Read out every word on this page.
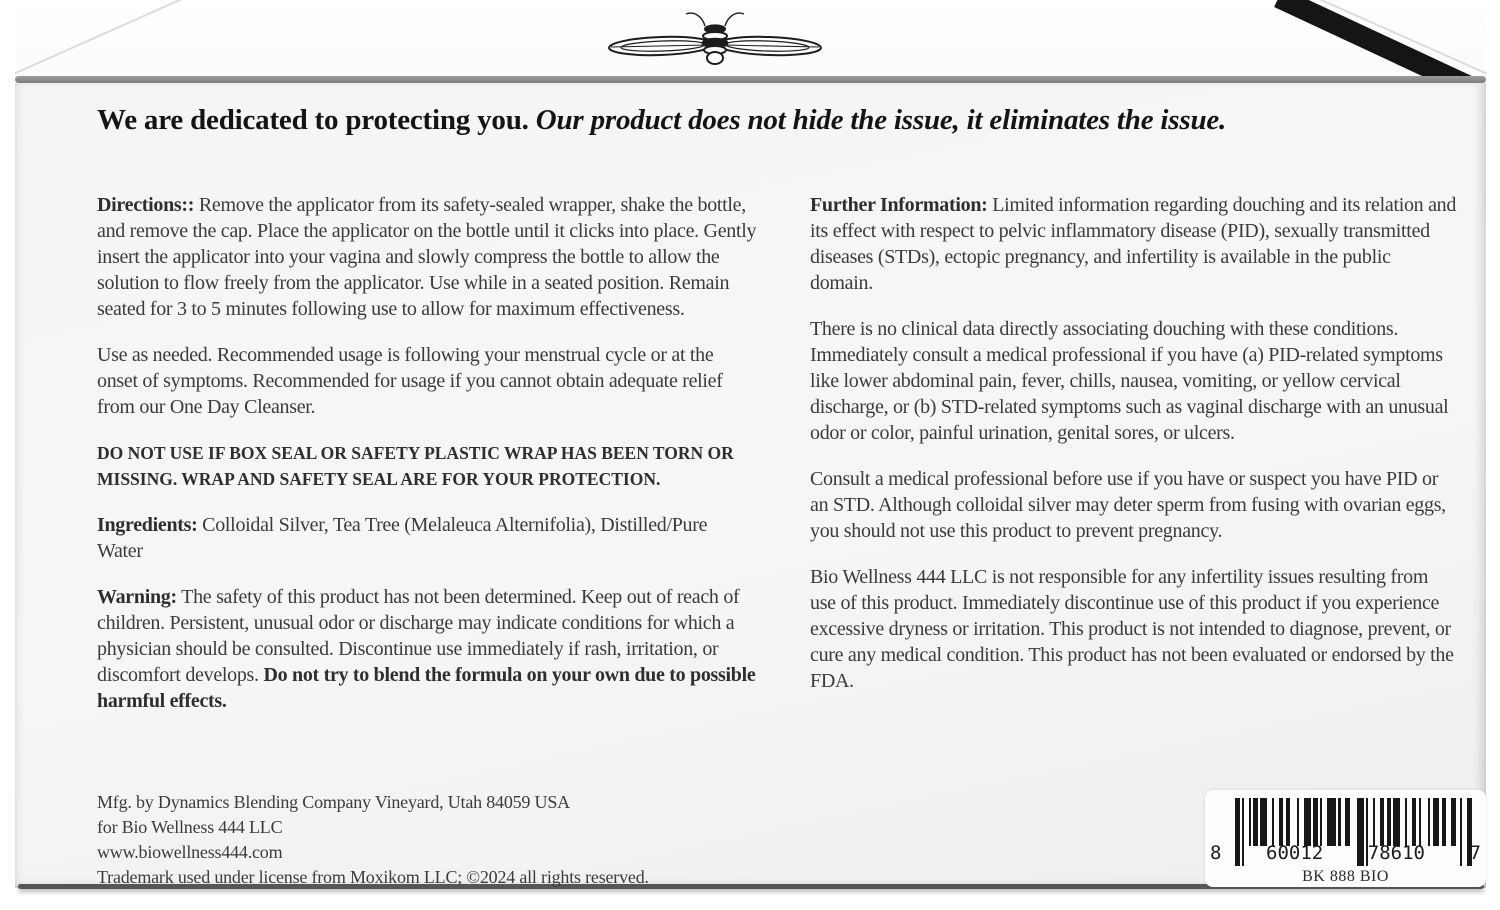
We are dedicated to protecting you. Our product does not hide the issue, it eliminates the issue.

Directions:: Remove the applicator from its safety-sealed wrapper, shake the bottle, and remove the cap. Place the applicator on the bottle until it clicks into place. Gently insert the applicator into your vagina and slowly compress the bottle to allow the solution to flow freely from the applicator. Use while in a seated position. Remain seated for 3 to 5 minutes following use to allow for maximum effectiveness.

Use as needed. Recommended usage is following your menstrual cycle or at the onset of symptoms. Recommended for usage if you cannot obtain adequate relief from our One Day Cleanser.

DO NOT USE IF BOX SEAL OR SAFETY PLASTIC WRAP HAS BEEN TORN OR MISSING. WRAP AND SAFETY SEAL ARE FOR YOUR PROTECTION.

Ingredients: Colloidal Silver, Tea Tree (Melaleuca Alternifolia), Distilled/Pure Water

Warning: The safety of this product has not been determined. Keep out of reach of children. Persistent, unusual odor or discharge may indicate conditions for which a physician should be consulted. Discontinue use immediately if rash, irritation, or discomfort develops. Do not try to blend the formula on your own due to possible harmful effects.

Further Information: Limited information regarding douching and its relation and its effect with respect to pelvic inflammatory disease (PID), sexually transmitted diseases (STDs), ectopic pregnancy, and infertility is available in the public domain.

There is no clinical data directly associating douching with these conditions. Immediately consult a medical professional if you have (a) PID-related symptoms like lower abdominal pain, fever, chills, nausea, vomiting, or yellow cervical discharge, or (b) STD-related symptoms such as vaginal discharge with an unusual odor or color, painful urination, genital sores, or ulcers.

Consult a medical professional before use if you have or suspect you have PID or an STD. Although colloidal silver may deter sperm from fusing with ovarian eggs, you should not use this product to prevent pregnancy.

Bio Wellness 444 LLC is not responsible for any infertility issues resulting from use of this product. Immediately discontinue use of this product if you experience excessive dryness or irritation. This product is not intended to diagnose, prevent, or cure any medical condition. This product has not been evaluated or endorsed by the FDA.

Mfg. by Dynamics Blending Company Vineyard, Utah 84059 USA
for Bio Wellness 444 LLC
www.biowellness444.com
Trademark used under license from Moxikom LLC; ©2024 all rights reserved.
8 60012 78610 7
BK 888 BIO
